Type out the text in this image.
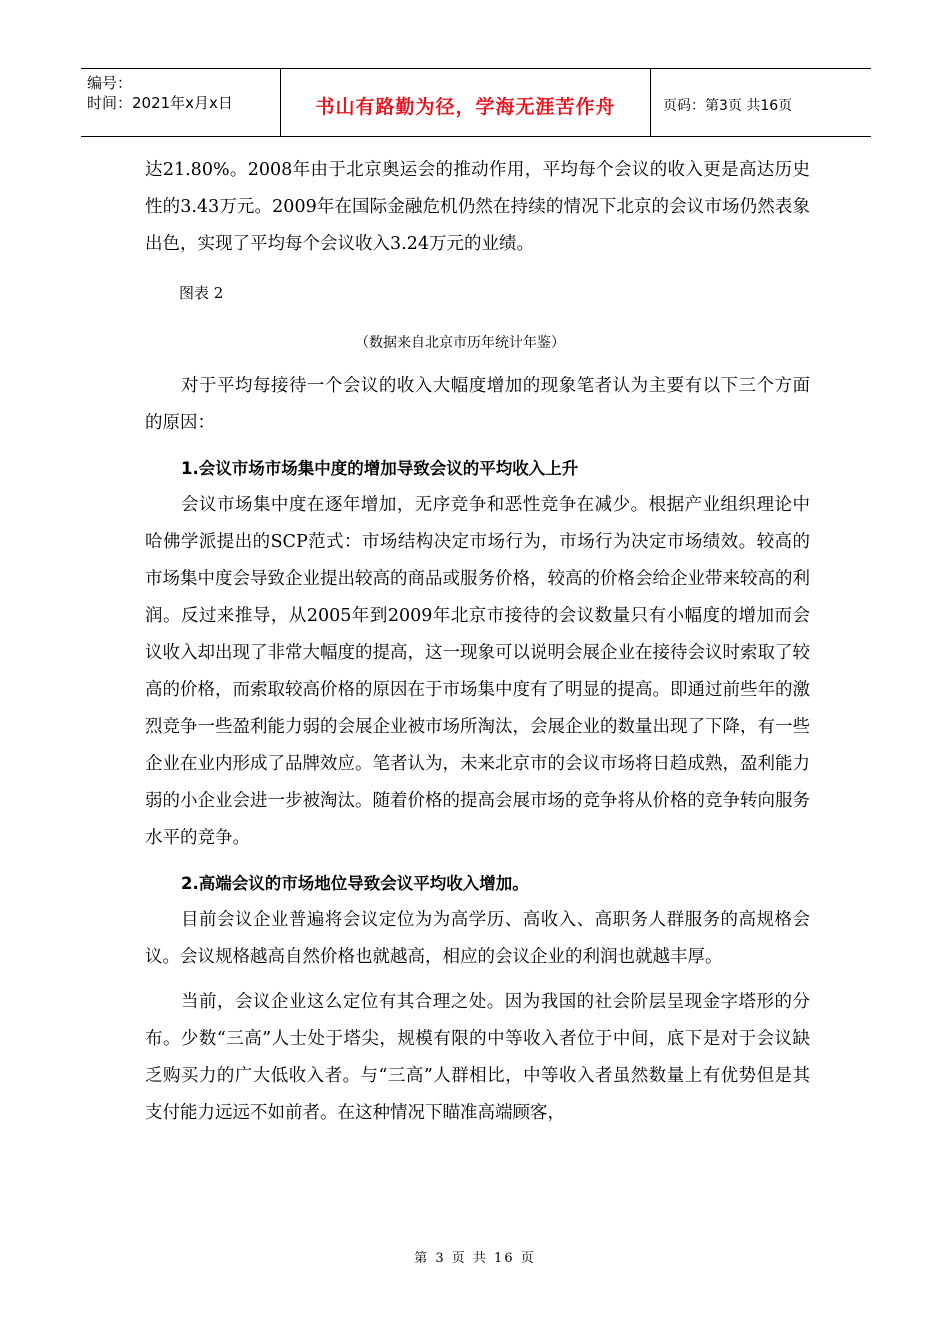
编号：
时间：2021年x月x日	书山有路勤为径，学海无涯苦作舟	页码：第3页 共16页

达21.80%。2008年由于北京奥运会的推动作用，平均每个会议的收入更是高达历史性的3.43万元。2009年在国际金融危机仍然在持续的情况下北京的会议市场仍然表象出色，实现了平均每个会议收入3.24万元的业绩。

图表 2
（数据来自北京市历年统计年鉴）

对于平均每接待一个会议的收入大幅度增加的现象笔者认为主要有以下三个方面的原因：

1.会议市场市场集中度的增加导致会议的平均收入上升

会议市场集中度在逐年增加，无序竞争和恶性竞争在减少。根据产业组织理论中哈佛学派提出的SCP范式：市场结构决定市场行为，市场行为决定市场绩效。较高的市场集中度会导致企业提出较高的商品或服务价格，较高的价格会给企业带来较高的利润。反过来推导，从2005年到2009年北京市接待的会议数量只有小幅度的增加而会议收入却出现了非常大幅度的提高，这一现象可以说明会展企业在接待会议时索取了较高的价格，而索取较高价格的原因在于市场集中度有了明显的提高。即通过前些年的激烈竞争一些盈利能力弱的会展企业被市场所淘汰，会展企业的数量出现了下降，有一些企业在业内形成了品牌效应。笔者认为，未来北京市的会议市场将日趋成熟，盈利能力弱的小企业会进一步被淘汰。随着价格的提高会展市场的竞争将从价格的竞争转向服务水平的竞争。

2.高端会议的市场地位导致会议平均收入增加。

目前会议企业普遍将会议定位为为高学历、高收入、高职务人群服务的高规格会议。会议规格越高自然价格也就越高，相应的会议企业的利润也就越丰厚。

当前，会议企业这么定位有其合理之处。因为我国的社会阶层呈现金字塔形的分布。少数“三高”人士处于塔尖，规模有限的中等收入者位于中间，底下是对于会议缺乏购买力的广大低收入者。与“三高”人群相比，中等收入者虽然数量上有优势但是其支付能力远远不如前者。在这种情况下瞄准高端顾客，

第 3 页 共 16 页
